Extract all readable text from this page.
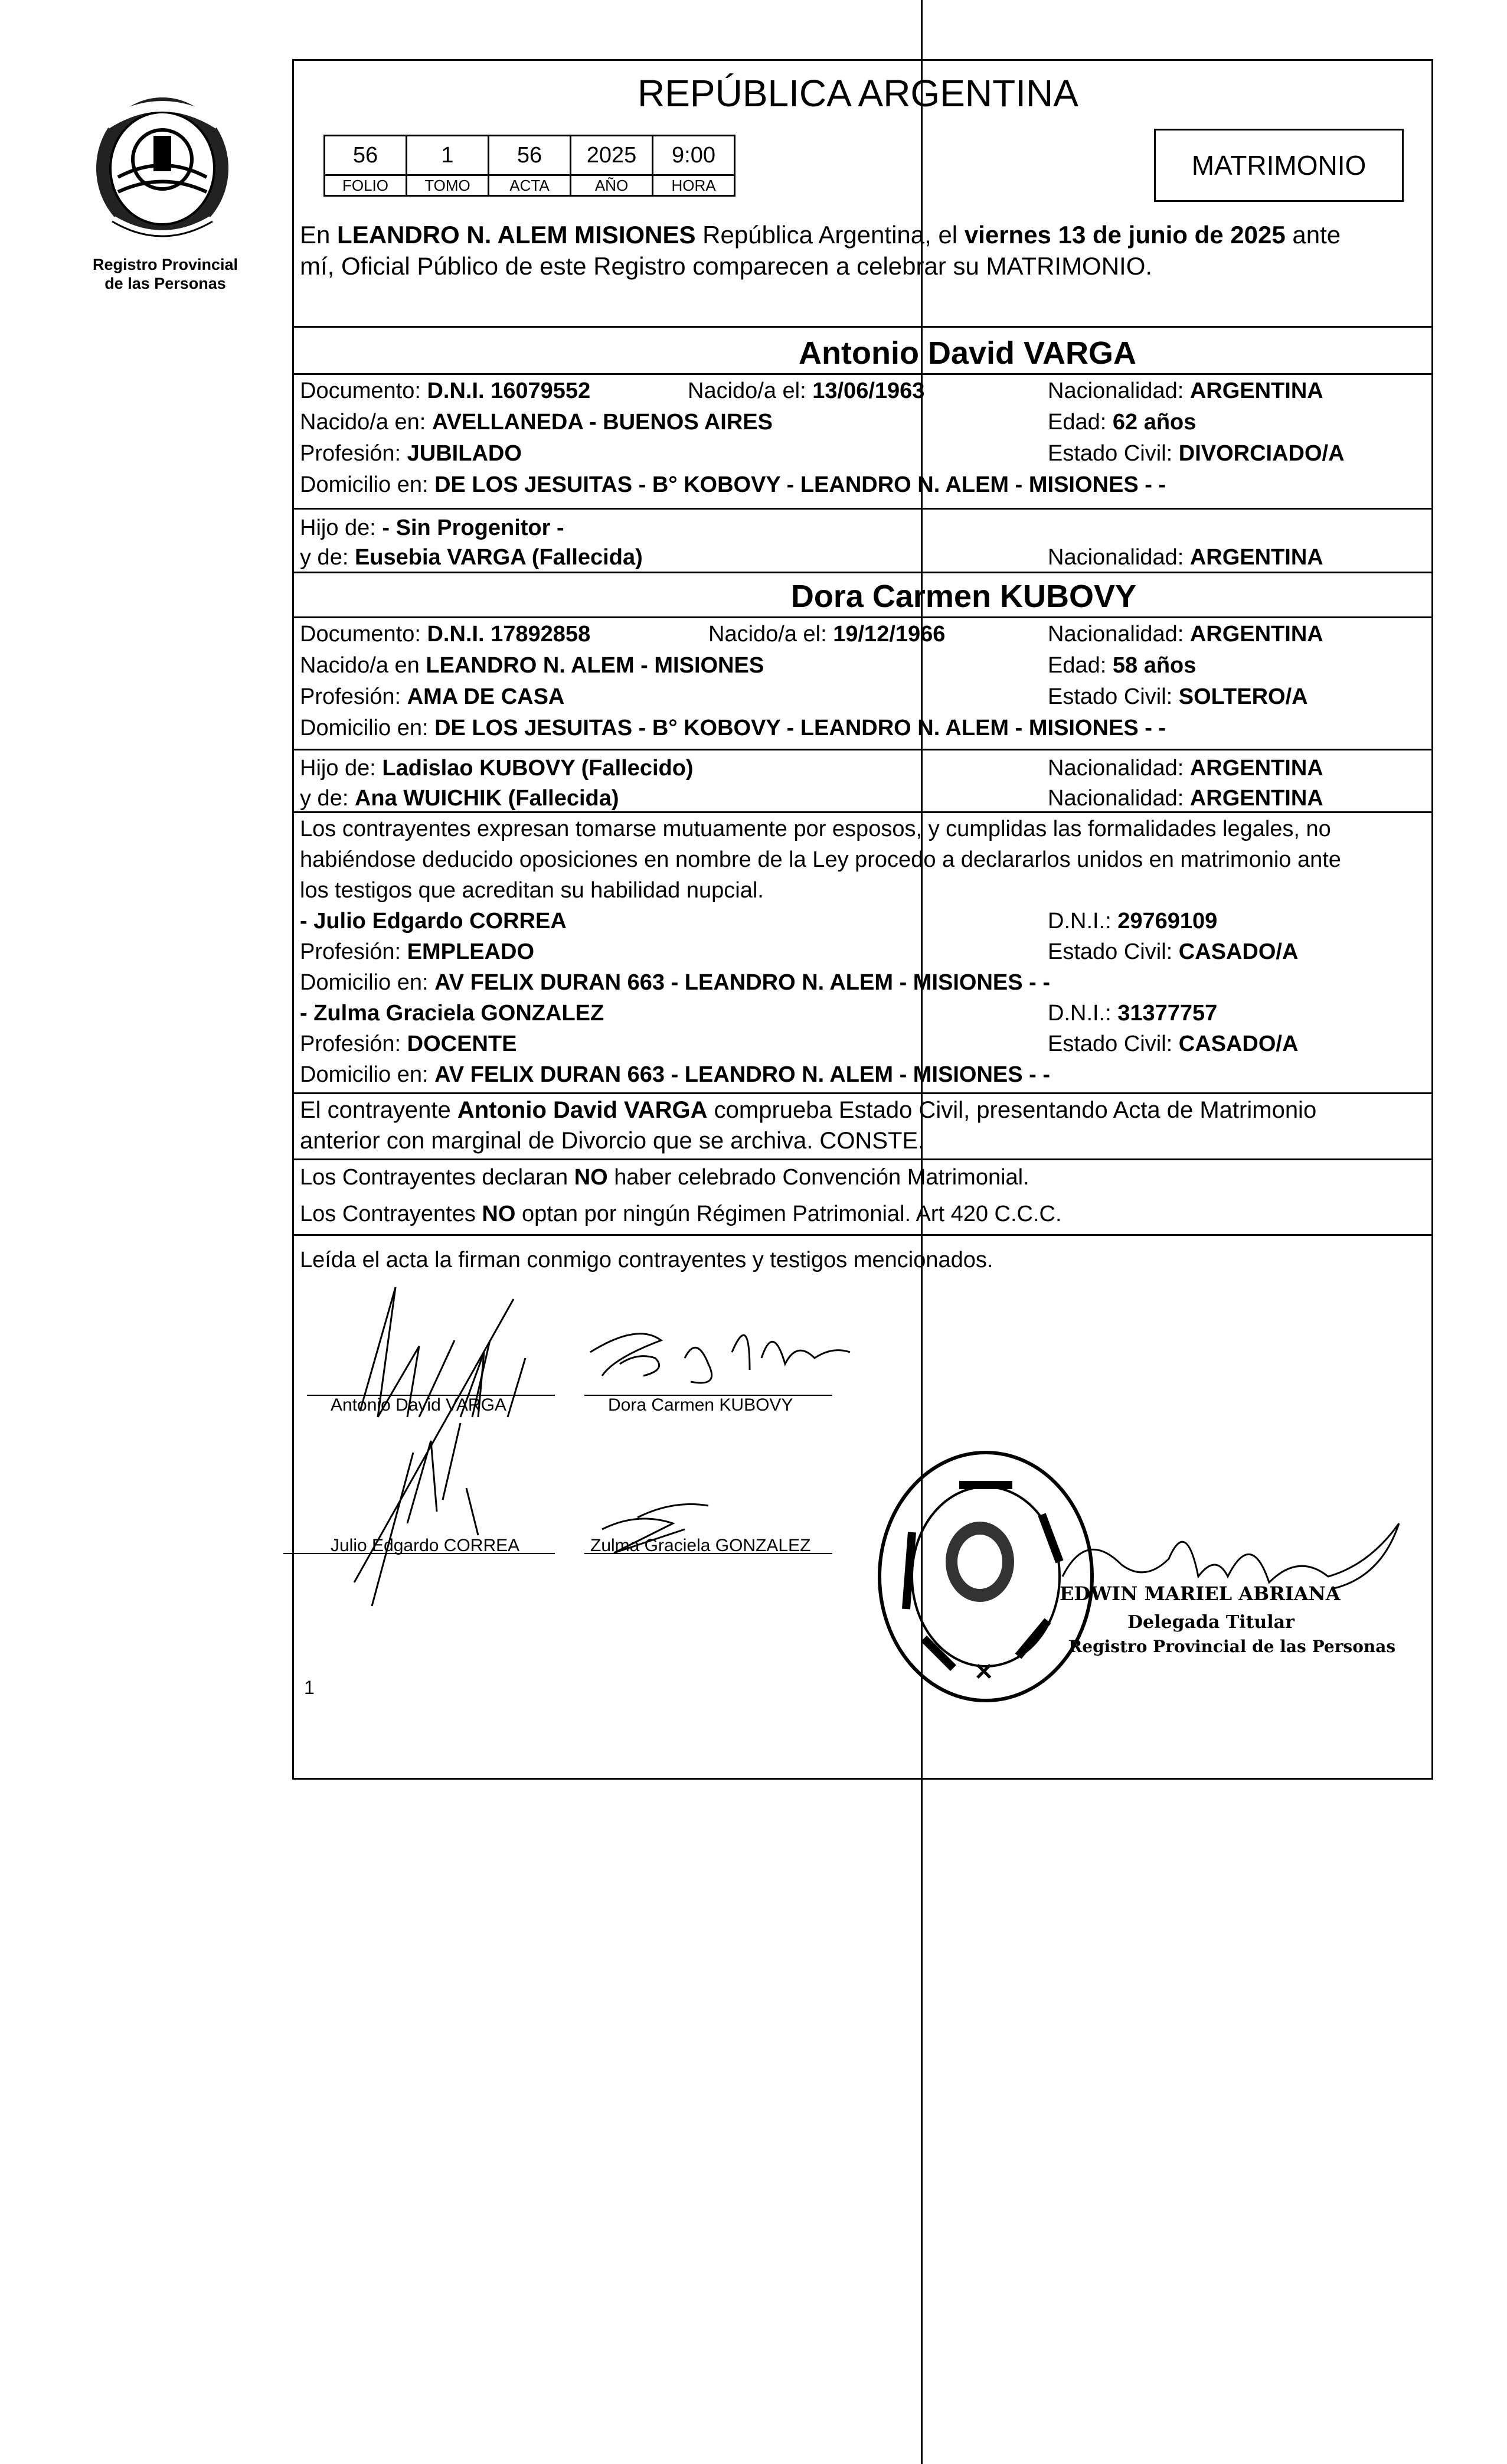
Registro Provincial
de las Personas
REPÚBLICA ARGENTINA
56	1	56	2025	9:00
FOLIO	TOMO	ACTA	AÑO	HORA
MATRIMONIO
En LEANDRO N. ALEM MISIONES República Argentina, el viernes 13 de junio de 2025 ante
mí, Oficial Público de este Registro comparecen a celebrar su MATRIMONIO.
Antonio David VARGA
Documento: D.N.I. 16079552	Nacido/a el: 13/06/1963	Nacionalidad: ARGENTINA
Nacido/a en: AVELLANEDA - BUENOS AIRES	Edad: 62 años
Profesión: JUBILADO	Estado Civil: DIVORCIADO/A
Domicilio en: DE LOS JESUITAS - B° KOBOVY - LEANDRO N. ALEM - MISIONES - -
Hijo de: - Sin Progenitor -
y de: Eusebia VARGA (Fallecida)	Nacionalidad: ARGENTINA
Dora Carmen KUBOVY
Documento: D.N.I. 17892858	Nacido/a el: 19/12/1966	Nacionalidad: ARGENTINA
Nacido/a en LEANDRO N. ALEM - MISIONES	Edad: 58 años
Profesión: AMA DE CASA	Estado Civil: SOLTERO/A
Domicilio en: DE LOS JESUITAS - B° KOBOVY - LEANDRO N. ALEM - MISIONES - -
Hijo de: Ladislao KUBOVY (Fallecido)	Nacionalidad: ARGENTINA
y de: Ana WUICHIK (Fallecida)	Nacionalidad: ARGENTINA
Los contrayentes expresan tomarse mutuamente por esposos, y cumplidas las formalidades legales, no
habiéndose deducido oposiciones en nombre de la Ley procedo a declararlos unidos en matrimonio ante
los testigos que acreditan su habilidad nupcial.
- Julio Edgardo CORREA	D.N.I.: 29769109
Profesión: EMPLEADO	Estado Civil: CASADO/A
Domicilio en: AV FELIX DURAN 663 - LEANDRO N. ALEM - MISIONES - -
- Zulma Graciela GONZALEZ	D.N.I.: 31377757
Profesión: DOCENTE	Estado Civil: CASADO/A
Domicilio en: AV FELIX DURAN 663 - LEANDRO N. ALEM - MISIONES - -
El contrayente Antonio David VARGA comprueba Estado Civil, presentando Acta de Matrimonio
anterior con marginal de Divorcio que se archiva. CONSTE.
Los Contrayentes declaran NO haber celebrado Convención Matrimonial.
Los Contrayentes NO optan por ningún Régimen Patrimonial. Art 420 C.C.C.
Leída el acta la firman conmigo contrayentes y testigos mencionados.
Antonio David VARGA	Dora Carmen KUBOVY
Julio Edgardo CORREA	Zulma Graciela GONZALEZ
✕
EDWIN MARIEL ABRIANA
Delegada Titular
Registro Provincial de las Personas
1
